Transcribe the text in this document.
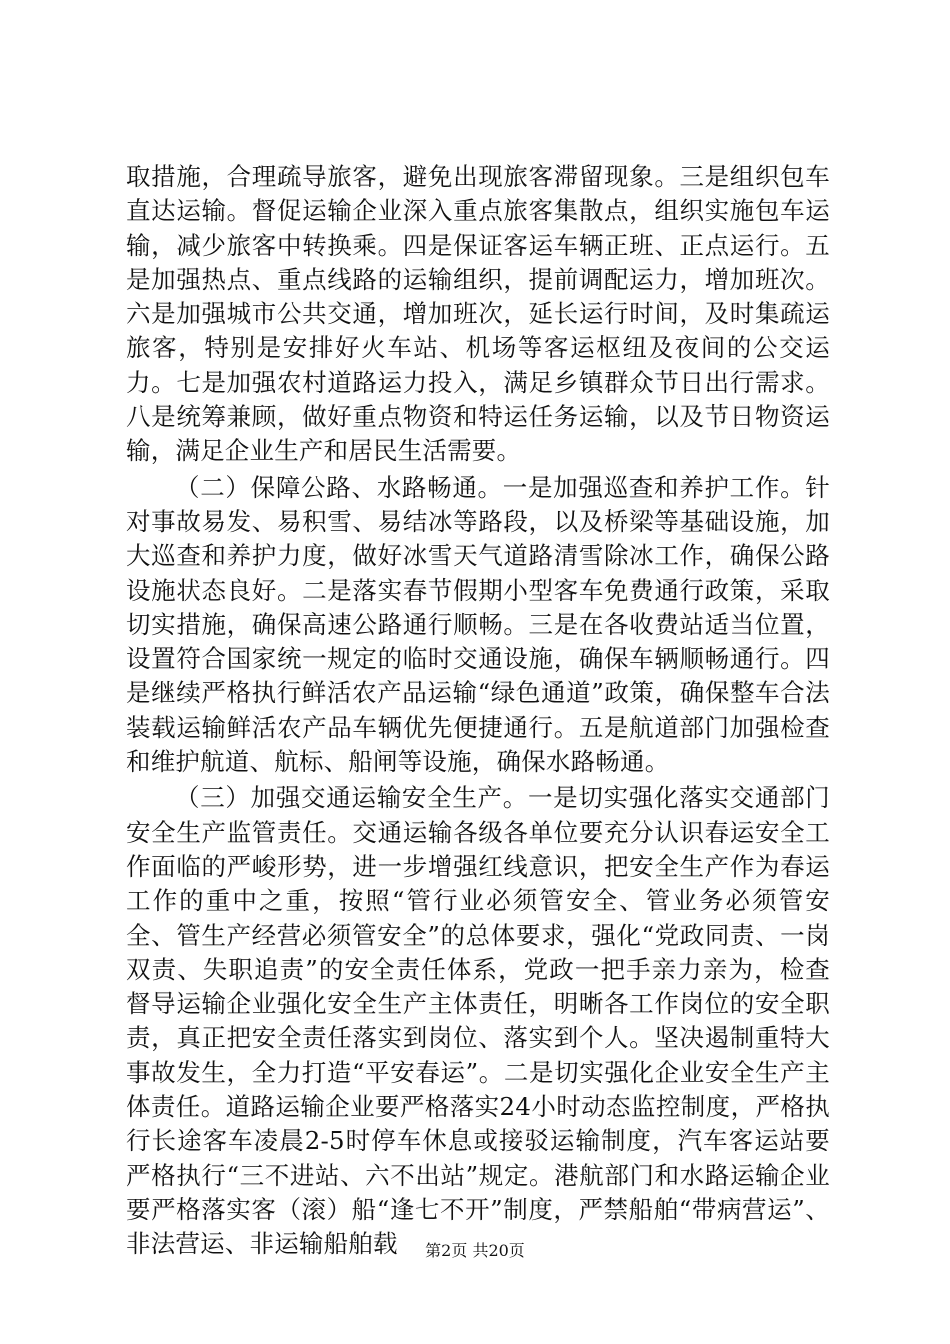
取措施，合理疏导旅客，避免出现旅客滞留现象。三是组织包车直达运输。督促运输企业深入重点旅客集散点，组织实施包车运输，减少旅客中转换乘。四是保证客运车辆正班、正点运行。五是加强热点、重点线路的运输组织，提前调配运力，增加班次。六是加强城市公共交通，增加班次，延长运行时间，及时集疏运旅客，特别是安排好火车站、机场等客运枢纽及夜间的公交运力。七是加强农村道路运力投入，满足乡镇群众节日出行需求。八是统筹兼顾，做好重点物资和特运任务运输，以及节日物资运输，满足企业生产和居民生活需要。

（二）保障公路、水路畅通。一是加强巡查和养护工作。针对事故易发、易积雪、易结冰等路段，以及桥梁等基础设施，加大巡查和养护力度，做好冰雪天气道路清雪除冰工作，确保公路设施状态良好。二是落实春节假期小型客车免费通行政策，采取切实措施，确保高速公路通行顺畅。三是在各收费站适当位置，设置符合国家统一规定的临时交通设施，确保车辆顺畅通行。四是继续严格执行鲜活农产品运输“绿色通道”政策，确保整车合法装载运输鲜活农产品车辆优先便捷通行。五是航道部门加强检查和维护航道、航标、船闸等设施，确保水路畅通。

（三）加强交通运输安全生产。一是切实强化落实交通部门安全生产监管责任。交通运输各级各单位要充分认识春运安全工作面临的严峻形势，进一步增强红线意识，把安全生产作为春运工作的重中之重，按照“管行业必须管安全、管业务必须管安全、管生产经营必须管安全”的总体要求，强化“党政同责、一岗双责、失职追责”的安全责任体系，党政一把手亲力亲为，检查督导运输企业强化安全生产主体责任，明晰各工作岗位的安全职责，真正把安全责任落实到岗位、落实到个人。坚决遏制重特大事故发生，全力打造“平安春运”。二是切实强化企业安全生产主体责任。道路运输企业要严格落实24小时动态监控制度，严格执行长途客车凌晨2-5时停车休息或接驳运输制度，汽车客运站要严格执行“三不进站、六不出站”规定。港航部门和水路运输企业要严格落实客（滚）船“逢七不开”制度，严禁船舶“带病营运”、非法营运、非运输船舶载	第2页 共20页
